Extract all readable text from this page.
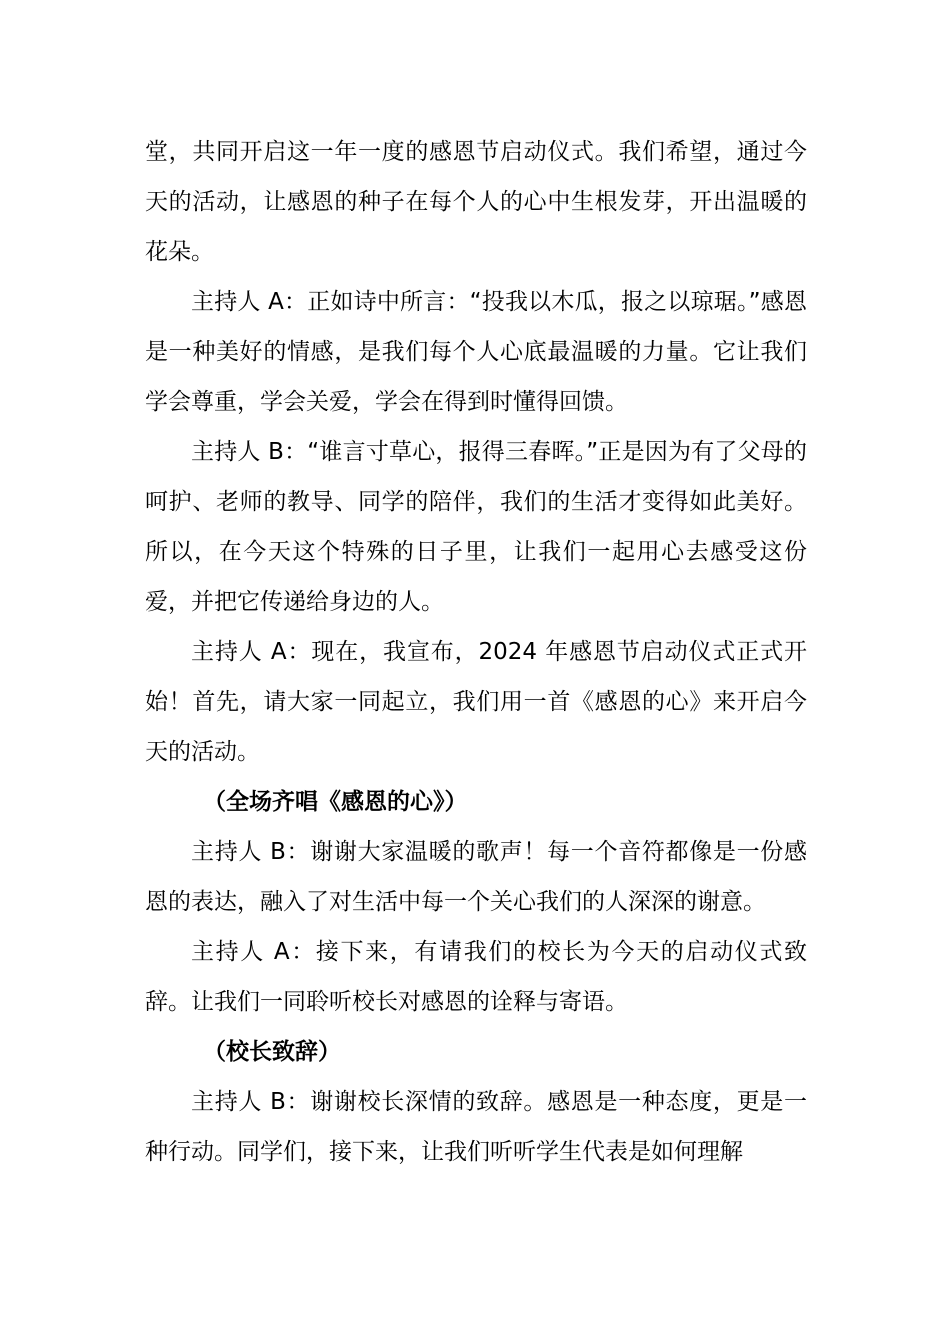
堂，共同开启这一年一度的感恩节启动仪式。我们希望，通过今天的活动，让感恩的种子在每个人的心中生根发芽，开出温暖的花朵。

主持人 A：正如诗中所言：“投我以木瓜，报之以琼琚。”感恩是一种美好的情感，是我们每个人心底最温暖的力量。它让我们学会尊重，学会关爱，学会在得到时懂得回馈。

主持人 B：“谁言寸草心，报得三春晖。”正是因为有了父母的呵护、老师的教导、同学的陪伴，我们的生活才变得如此美好。所以，在今天这个特殊的日子里，让我们一起用心去感受这份爱，并把它传递给身边的人。

主持人 A：现在，我宣布，2024 年感恩节启动仪式正式开始！首先，请大家一同起立，我们用一首《感恩的心》来开启今天的活动。

（全场齐唱《感恩的心》）

主持人 B：谢谢大家温暖的歌声！每一个音符都像是一份感恩的表达，融入了对生活中每一个关心我们的人深深的谢意。

主持人 A：接下来，有请我们的校长为今天的启动仪式致辞。让我们一同聆听校长对感恩的诠释与寄语。

（校长致辞）

主持人 B：谢谢校长深情的致辞。感恩是一种态度，更是一种行动。同学们，接下来，让我们听听学生代表是如何理解
